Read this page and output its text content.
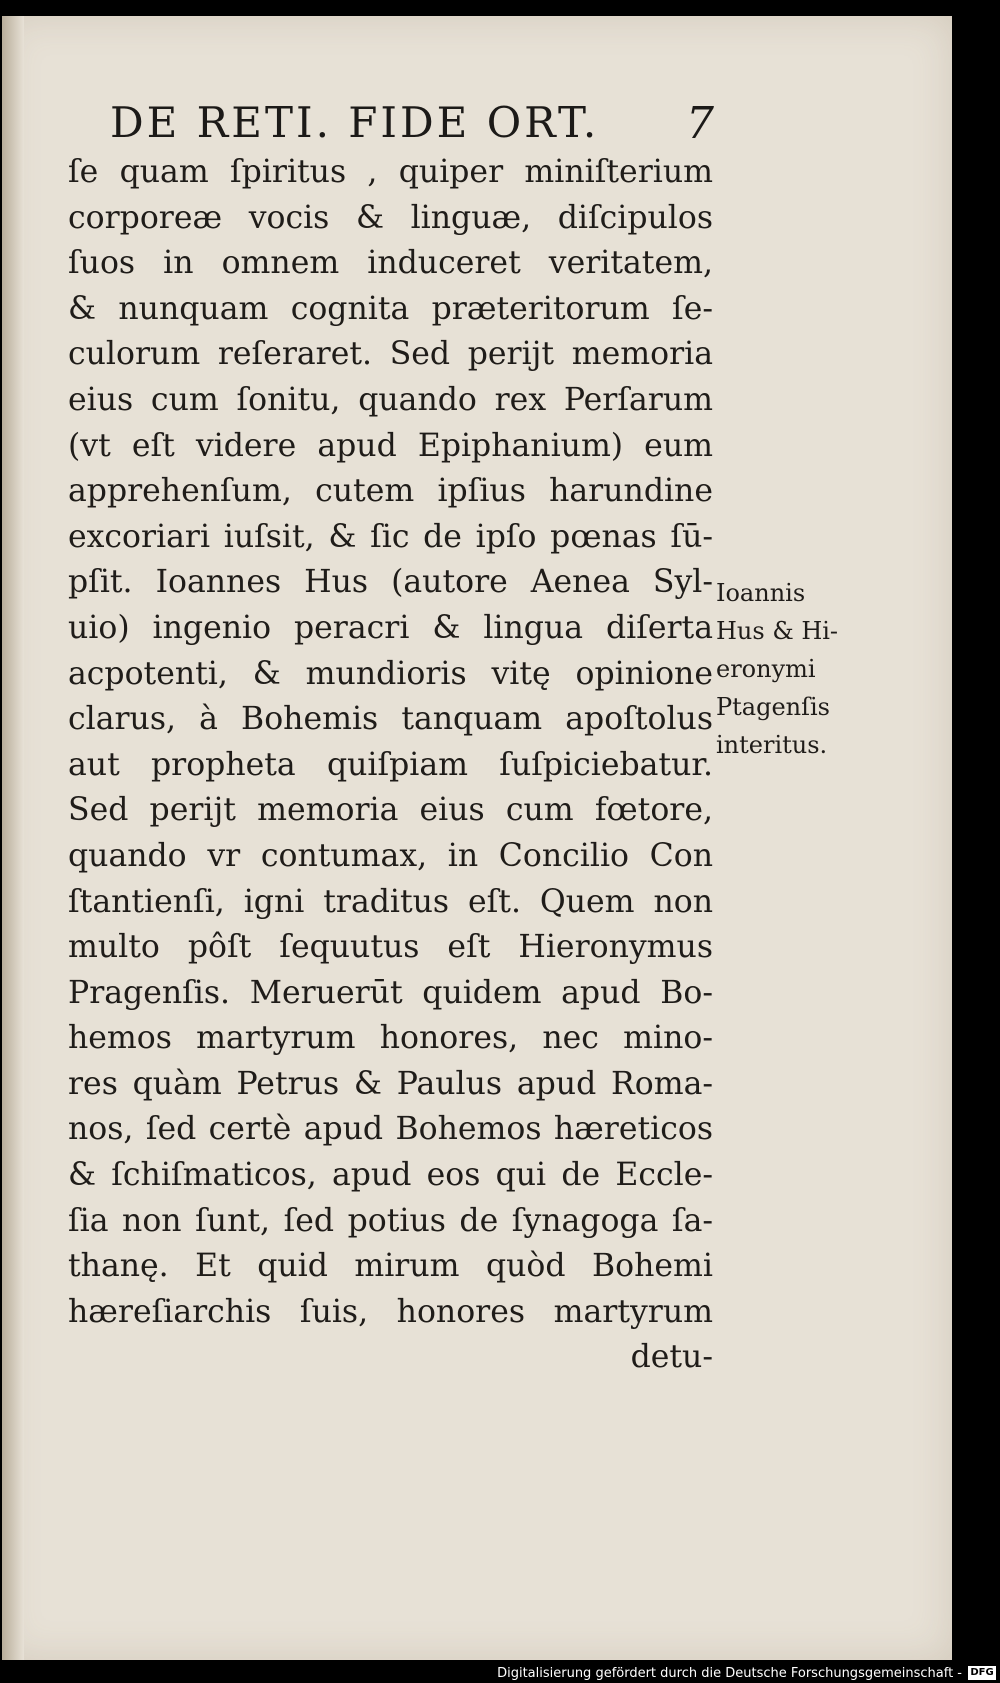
DE RETI. FIDE ORT.	7
ſe quam ſpiritus , quiper miniſterium
corporeæ vocis & linguæ, diſcipulos
ſuos in omnem induceret veritatem,
& nunquam cognita præteritorum ſe-
culorum reſeraret. Sed perijt memoria
eius cum ſonitu, quando rex Perſarum
(vt eſt videre apud Epiphanium) eum
apprehenſum, cutem ipſius harundine
excoriari iuſsit, & ſic de ipſo pœnas ſū-
pſit. Ioannes Hus (autore Aenea Syl-
uio) ingenio peracri & lingua diſerta
acpotenti, & mundioris vitę opinione
clarus, à Bohemis tanquam apoſtolus
aut propheta quiſpiam ſuſpiciebatur.
Sed perijt memoria eius cum fœtore,
quando vr contumax, in Concilio Con
ſtantienſi, igni traditus eſt. Quem non
multo pôſt ſequutus eſt Hieronymus
Pragenſis. Meruerūt quidem apud Bo-
hemos martyrum honores, nec mino-
res quàm Petrus & Paulus apud Roma-
nos, ſed certè apud Bohemos hæreticos
& ſchiſmaticos, apud eos qui de Eccle-
ſia non ſunt, ſed potius de ſynagoga ſa-
thanę. Et quid mirum quòd Bohemi
hæreſiarchis ſuis, honores martyrum
detu-
Ioannis
Hus & Hi-
eronymi
Ptagenſis
interitus.
Digitalisierung gefördert durch die Deutsche Forschungsgemeinschaft - DFG
